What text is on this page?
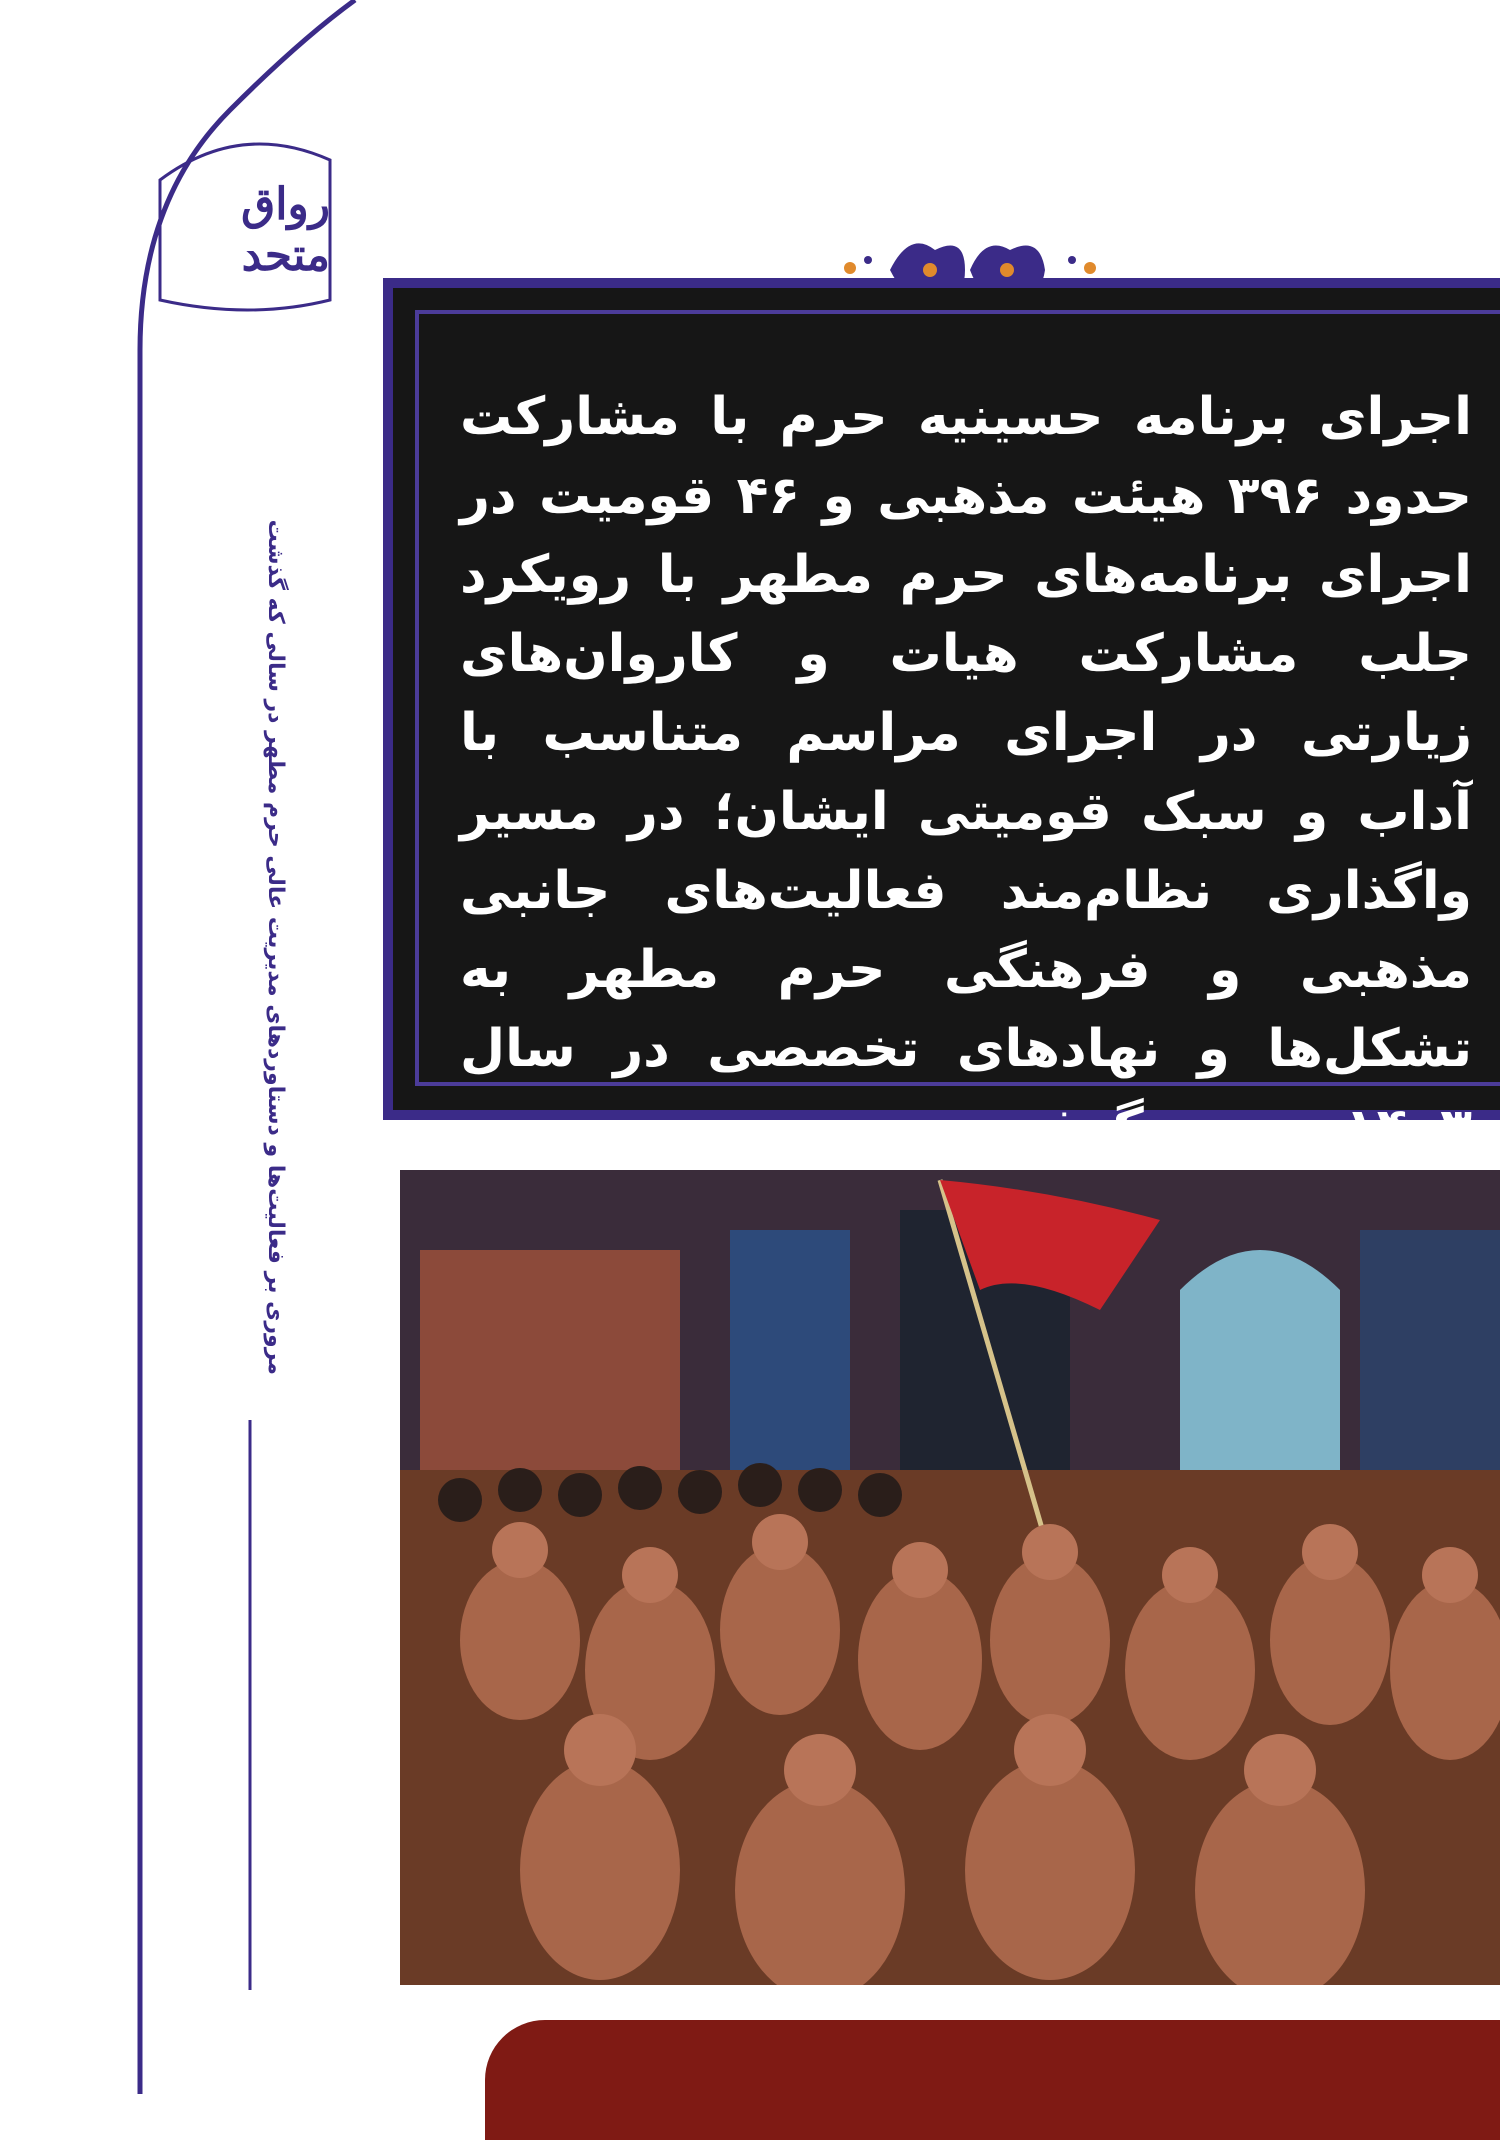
رواق متحد
مروری بر فعالیت‌ها و دستاوردهای مدیریت عالی حرم مطهر در سالی که گذشت

اجرای برنامه حسینیه حرم با مشارکت حدود ۳۹۶ هیئت مذهبی و ۴۶ قومیت در اجرای برنامه‌های حرم مطهر با رویکرد جلب مشارکت هیات و کاروان‌های زیارتی در اجرای مراسم متناسب با آداب و سبک قومیتی ایشان؛ در مسیر واگذاری نظام‌مند فعالیت‌های جانبی مذهبی و فرهنگی حرم مطهر به تشکل‌ها و نهادهای تخصصی در سال ۱۴۰۳ صورت گرفت.
